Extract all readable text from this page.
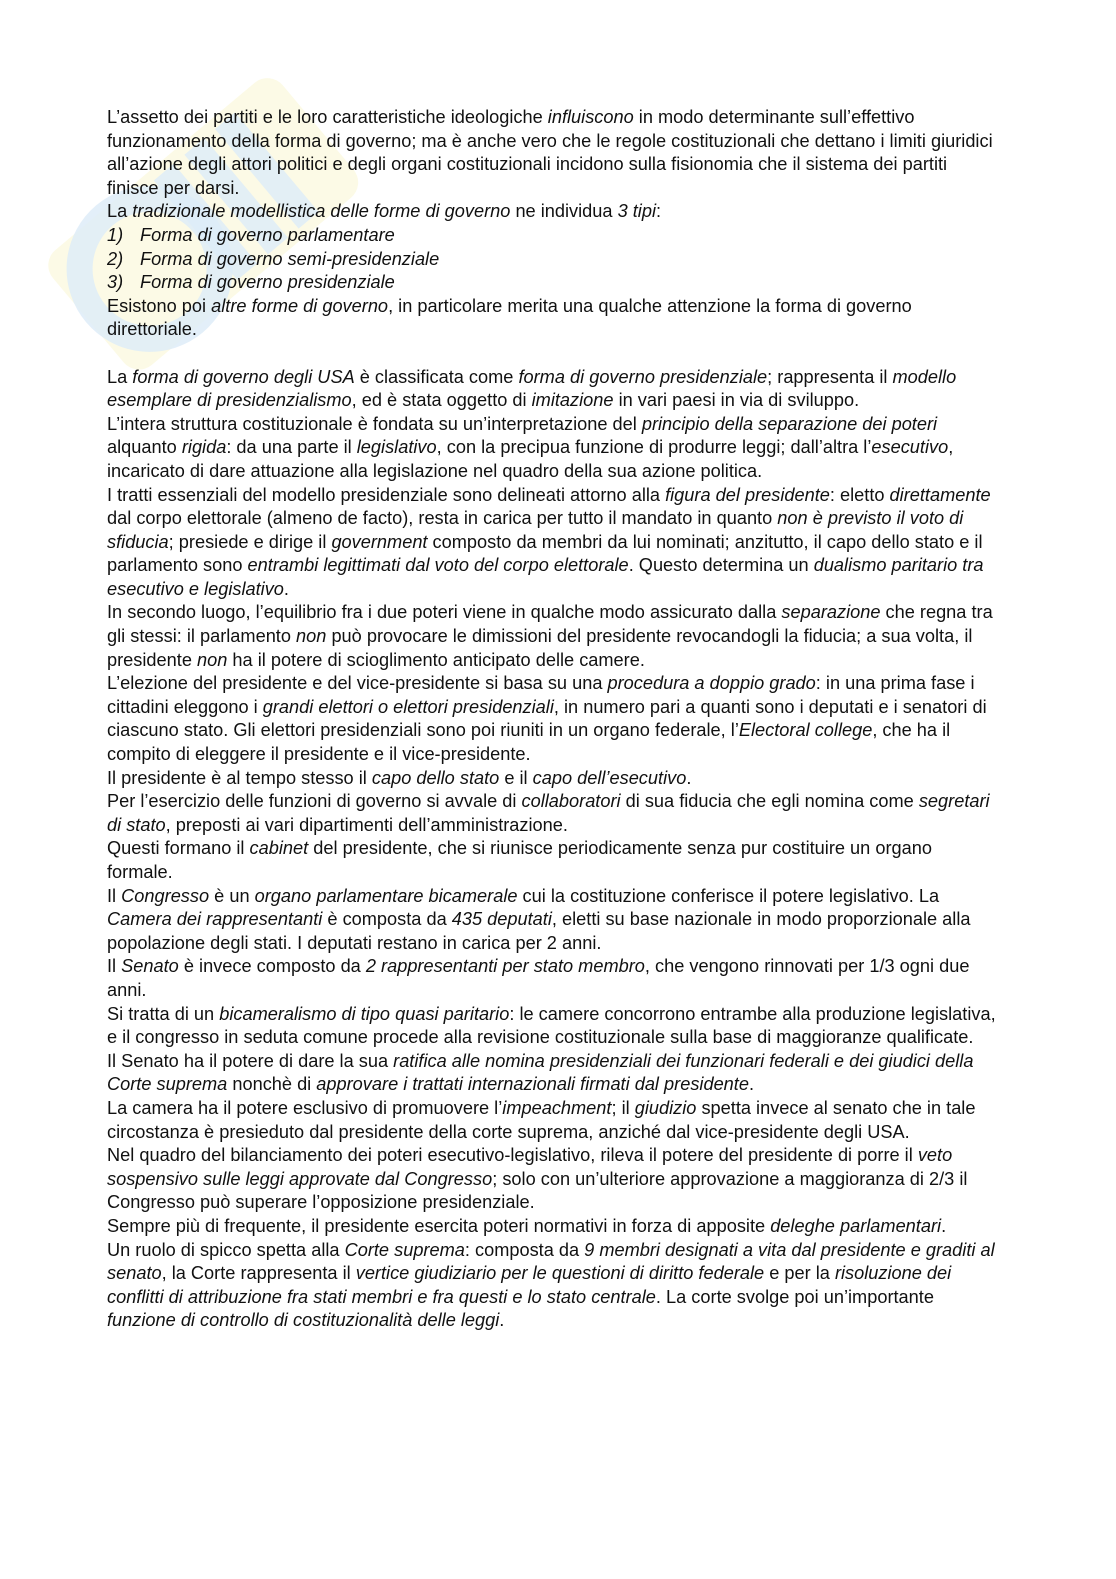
L’assetto dei partiti e le loro caratteristiche ideologiche influiscono in modo determinante sull’effettivo funzionamento della forma di governo; ma è anche vero che le regole costituzionali che dettano i limiti giuridici all’azione degli attori politici e degli organi costituzionali incidono sulla fisionomia che il sistema dei partiti finisce per darsi.

La tradizionale modellistica delle forme di governo ne individua 3 tipi:

1) Forma di governo parlamentare
2) Forma di governo semi-presidenziale
3) Forma di governo presidenziale

Esistono poi altre forme di governo, in particolare merita una qualche attenzione la forma di governo direttoriale.

La forma di governo degli USA è classificata come forma di governo presidenziale; rappresenta il modello esemplare di presidenzialismo, ed è stata oggetto di imitazione in vari paesi in via di sviluppo.

L’intera struttura costituzionale è fondata su un’interpretazione del principio della separazione dei poteri alquanto rigida: da una parte il legislativo, con la precipua funzione di produrre leggi; dall’altra l’esecutivo, incaricato di dare attuazione alla legislazione nel quadro della sua azione politica.

I tratti essenziali del modello presidenziale sono delineati attorno alla figura del presidente: eletto direttamente dal corpo elettorale (almeno de facto), resta in carica per tutto il mandato in quanto non è previsto il voto di sfiducia; presiede e dirige il government composto da membri da lui nominati; anzitutto, il capo dello stato e il parlamento sono entrambi legittimati dal voto del corpo elettorale. Questo determina un dualismo paritario tra esecutivo e legislativo.

In secondo luogo, l’equilibrio fra i due poteri viene in qualche modo assicurato dalla separazione che regna tra gli stessi: il parlamento non può provocare le dimissioni del presidente revocandogli la fiducia; a sua volta, il presidente non ha il potere di scioglimento anticipato delle camere.

L’elezione del presidente e del vice-presidente si basa su una procedura a doppio grado: in una prima fase i cittadini eleggono i grandi elettori o elettori presidenziali, in numero pari a quanti sono i deputati e i senatori di ciascuno stato. Gli elettori presidenziali sono poi riuniti in un organo federale, l’Electoral college, che ha il compito di eleggere il presidente e il vice-presidente.

Il presidente è al tempo stesso il capo dello stato e il capo dell’esecutivo.

Per l’esercizio delle funzioni di governo si avvale di collaboratori di sua fiducia che egli nomina come segretari di stato, preposti ai vari dipartimenti dell’amministrazione.

Questi formano il cabinet del presidente, che si riunisce periodicamente senza pur costituire un organo formale.

Il Congresso è un organo parlamentare bicamerale cui la costituzione conferisce il potere legislativo. La Camera dei rappresentanti è composta da 435 deputati, eletti su base nazionale in modo proporzionale alla popolazione degli stati. I deputati restano in carica per 2 anni.

Il Senato è invece composto da 2 rappresentanti per stato membro, che vengono rinnovati per 1/3 ogni due anni.

Si tratta di un bicameralismo di tipo quasi paritario: le camere concorrono entrambe alla produzione legislativa, e il congresso in seduta comune procede alla revisione costituzionale sulla base di maggioranze qualificate.

Il Senato ha il potere di dare la sua ratifica alle nomina presidenziali dei funzionari federali e dei giudici della Corte suprema nonchè di approvare i trattati internazionali firmati dal presidente.

La camera ha il potere esclusivo di promuovere l’impeachment; il giudizio spetta invece al senato che in tale circostanza è presieduto dal presidente della corte suprema, anziché dal vice-presidente degli USA.

Nel quadro del bilanciamento dei poteri esecutivo-legislativo, rileva il potere del presidente di porre il veto sospensivo sulle leggi approvate dal Congresso; solo con un’ulteriore approvazione a maggioranza di 2/3 il Congresso può superare l’opposizione presidenziale.

Sempre più di frequente, il presidente esercita poteri normativi in forza di apposite deleghe parlamentari.

Un ruolo di spicco spetta alla Corte suprema: composta da 9 membri designati a vita dal presidente e graditi al senato, la Corte rappresenta il vertice giudiziario per le questioni di diritto federale e per la risoluzione dei conflitti di attribuzione fra stati membri e fra questi e lo stato centrale. La corte svolge poi un’importante funzione di controllo di costituzionalità delle leggi.
